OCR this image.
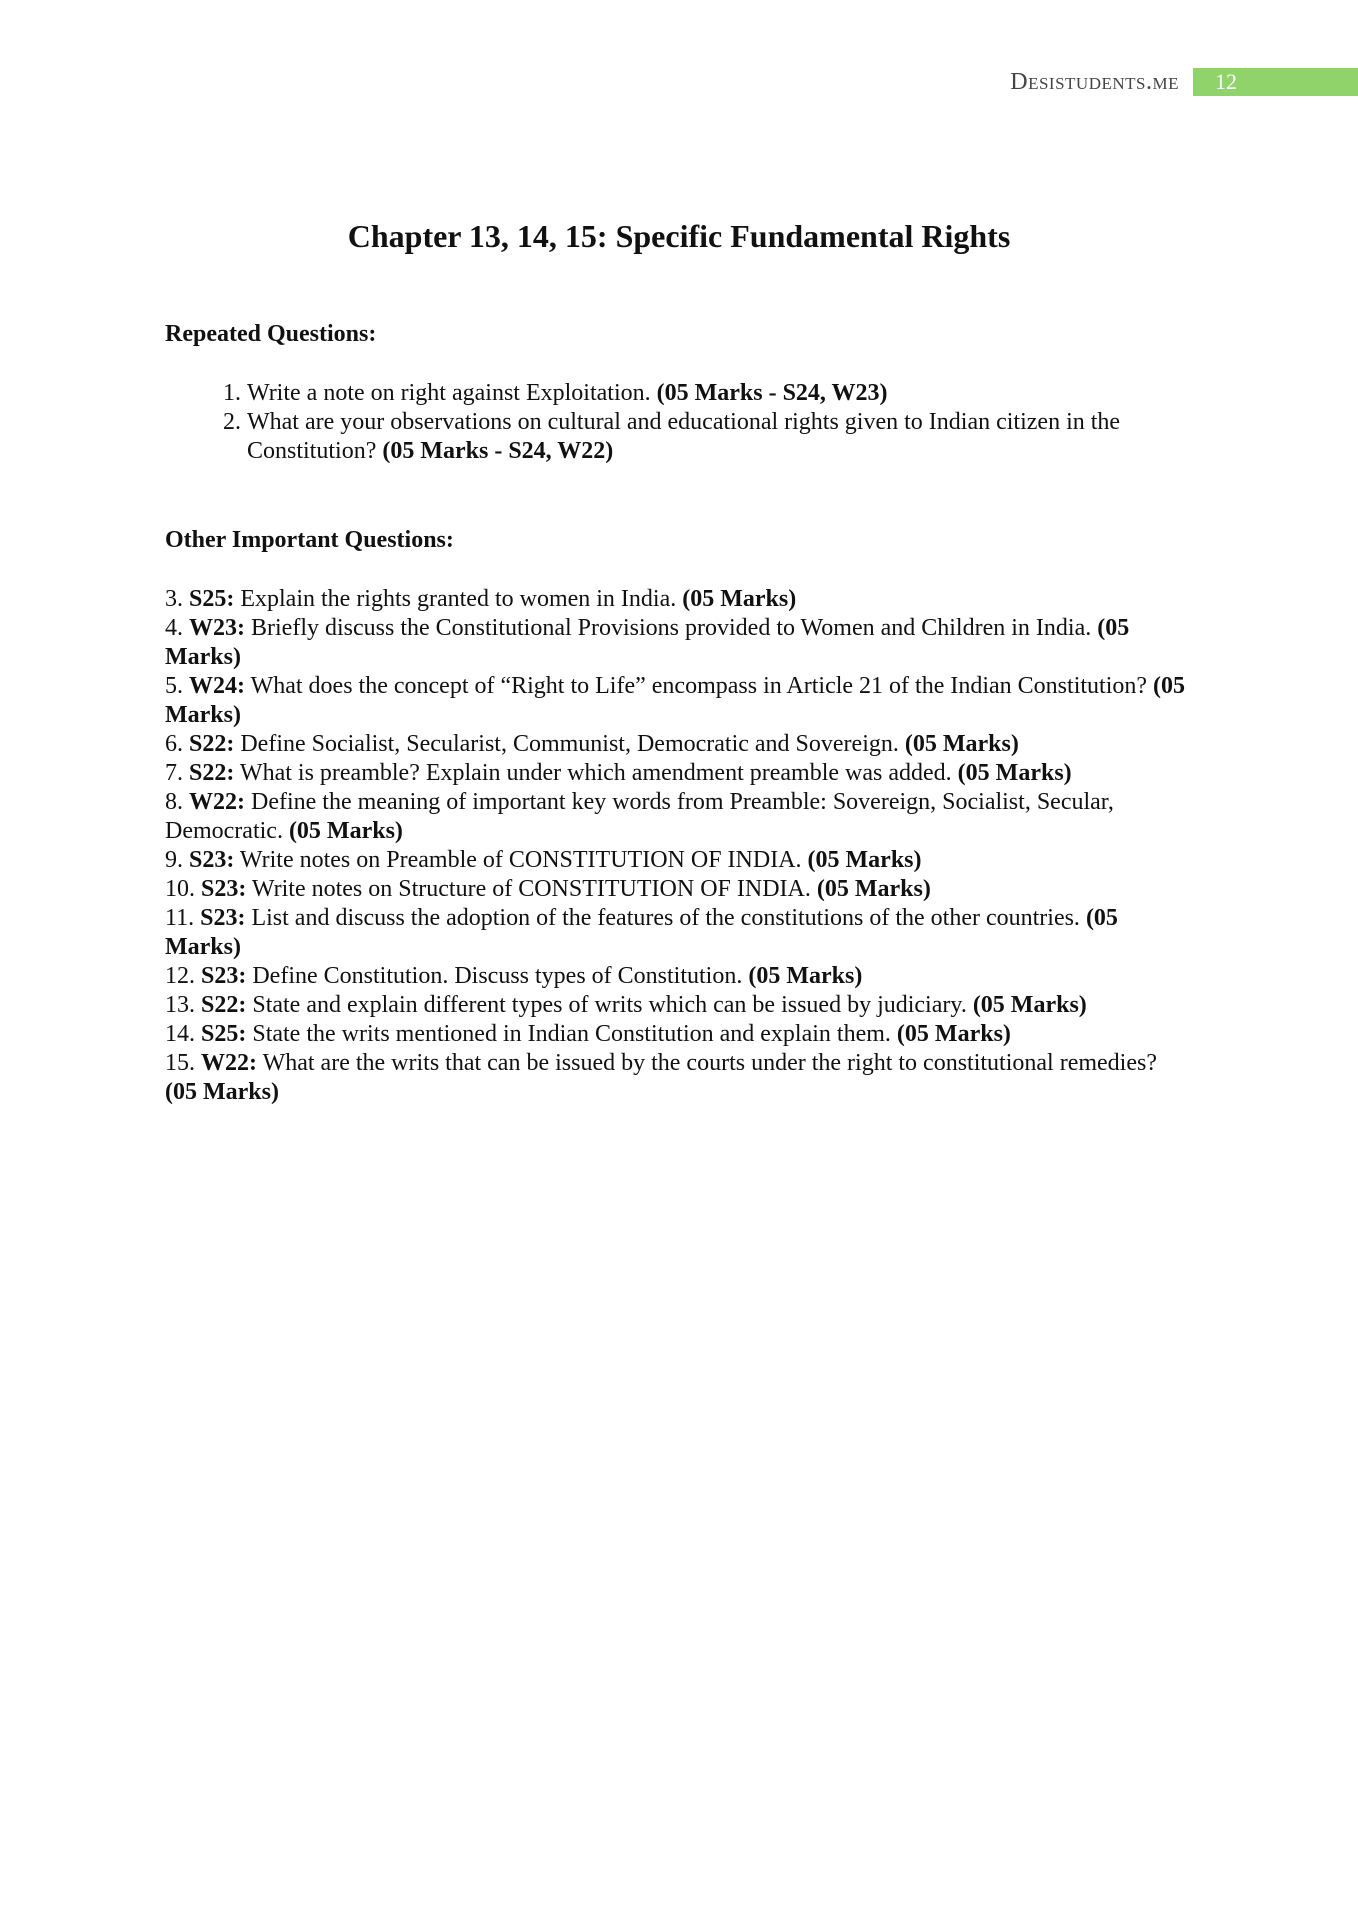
Desistudents.me	12
Chapter 13, 14, 15: Specific Fundamental Rights

Repeated Questions:

1. Write a note on right against Exploitation. (05 Marks - S24, W23)
2. What are your observations on cultural and educational rights given to Indian citizen in the Constitution? (05 Marks - S24, W22)

Other Important Questions:

3. S25: Explain the rights granted to women in India. (05 Marks)

4. W23: Briefly discuss the Constitutional Provisions provided to Women and Children in India. (05 Marks)

5. W24: What does the concept of “Right to Life” encompass in Article 21 of the Indian Constitution? (05 Marks)

6. S22: Define Socialist, Secularist, Communist, Democratic and Sovereign. (05 Marks)

7. S22: What is preamble? Explain under which amendment preamble was added. (05 Marks)

8. W22: Define the meaning of important key words from Preamble: Sovereign, Socialist, Secular, Democratic. (05 Marks)

9. S23: Write notes on Preamble of CONSTITUTION OF INDIA. (05 Marks)

10. S23: Write notes on Structure of CONSTITUTION OF INDIA. (05 Marks)

11. S23: List and discuss the adoption of the features of the constitutions of the other countries. (05 Marks)

12. S23: Define Constitution. Discuss types of Constitution. (05 Marks)

13. S22: State and explain different types of writs which can be issued by judiciary. (05 Marks)

14. S25: State the writs mentioned in Indian Constitution and explain them. (05 Marks)

15. W22: What are the writs that can be issued by the courts under the right to constitutional remedies? (05 Marks)
